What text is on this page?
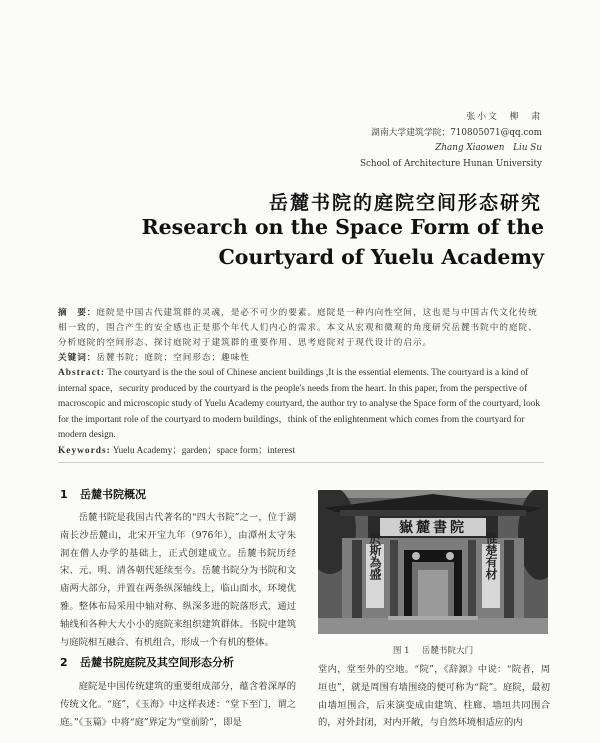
张小文　柳　肃
湖南大学建筑学院；710805071@qq.com
Zhang Xiaowen　Liu Su
School of Architecture Hunan University
岳麓书院的庭院空间形态研究
Research on the Space Form of the
Courtyard of Yuelu Academy

摘　要：庭院是中国古代建筑群的灵魂，是必不可少的要素。庭院是一种内向性空间，这也是与中国古代文化传统相一致的，围合产生的安全感也正是那个年代人们内心的需求。本文从宏观和微观的角度研究岳麓书院中的庭院、分析庭院的空间形态、探讨庭院对于建筑群的重要作用、思考庭院对于现代设计的启示。

关键词：岳麓书院；庭院；空间形态；趣味性

Abstract: The courtyard is the the soul of Chinese ancient buildings ,It is the essential elements. The courtyard is a kind of internal space，security produced by the courtyard is the people's needs from the heart. In this paper, from the perspective of macroscopic and microscopic study of Yuelu Academy courtyard, the author try to analyse the Space form of the courtyard, look for the important role of the courtyard to modern buildings，think of the enlightenment which comes from the courtyard for modern design.

Keywords: Yuelu Academy；garden；space form；interest

1 岳麓书院概况
岳麓书院是我国古代著名的“四大书院”之一，位于湖南长沙岳麓山，北宋开宝九年（976年），由潭州太守朱洞在僧人办学的基础上，正式创建成立。岳麓书院历经宋、元、明、清各朝代延续至今。岳麓书院分为书院和文庙两大部分，并置在两条纵深轴线上，临山面水，环境优雅。整体布局采用中轴对称、纵深多进的院落形式，通过轴线和各种大大小小的庭院来组织建筑群体。书院中建筑与庭院相互融合、有机组合，形成一个有机的整体。
2 岳麓书院庭院及其空间形态分析
庭院是中国传统建筑的重要组成部分，蕴含着深厚的传统文化。“庭”，《玉海》中这样表述：“堂下至门，谓之庭。”《玉篇》中将“庭”界定为“堂前阶”，即是
嶽麓書院
於斯為盛	惟楚有材
图 1 岳麓书院大门
堂内，堂至外的空地。“院”，《辞源》中说：“院者，周垣也”，就是周围有墙围绕的便可称为“院”。庭院，最初由墙垣围合，后来演变成由建筑、柱廊、墙垣共同围合的，对外封闭，对内开敞，与自然环境相适应的内
